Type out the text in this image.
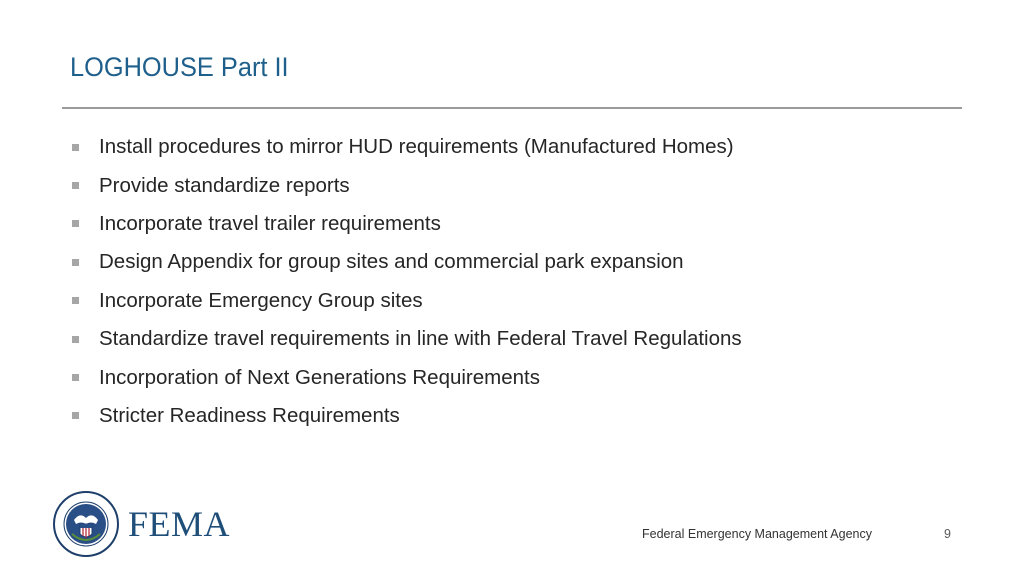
LOGHOUSE Part II
Install procedures to mirror HUD requirements (Manufactured Homes)
Provide standardize reports
Incorporate travel trailer requirements
Design Appendix for group sites and commercial park expansion
Incorporate Emergency Group sites
Standardize travel requirements in line with Federal Travel Regulations
Incorporation of Next Generations Requirements
Stricter Readiness Requirements
FEMA	Federal Emergency Management Agency	9
